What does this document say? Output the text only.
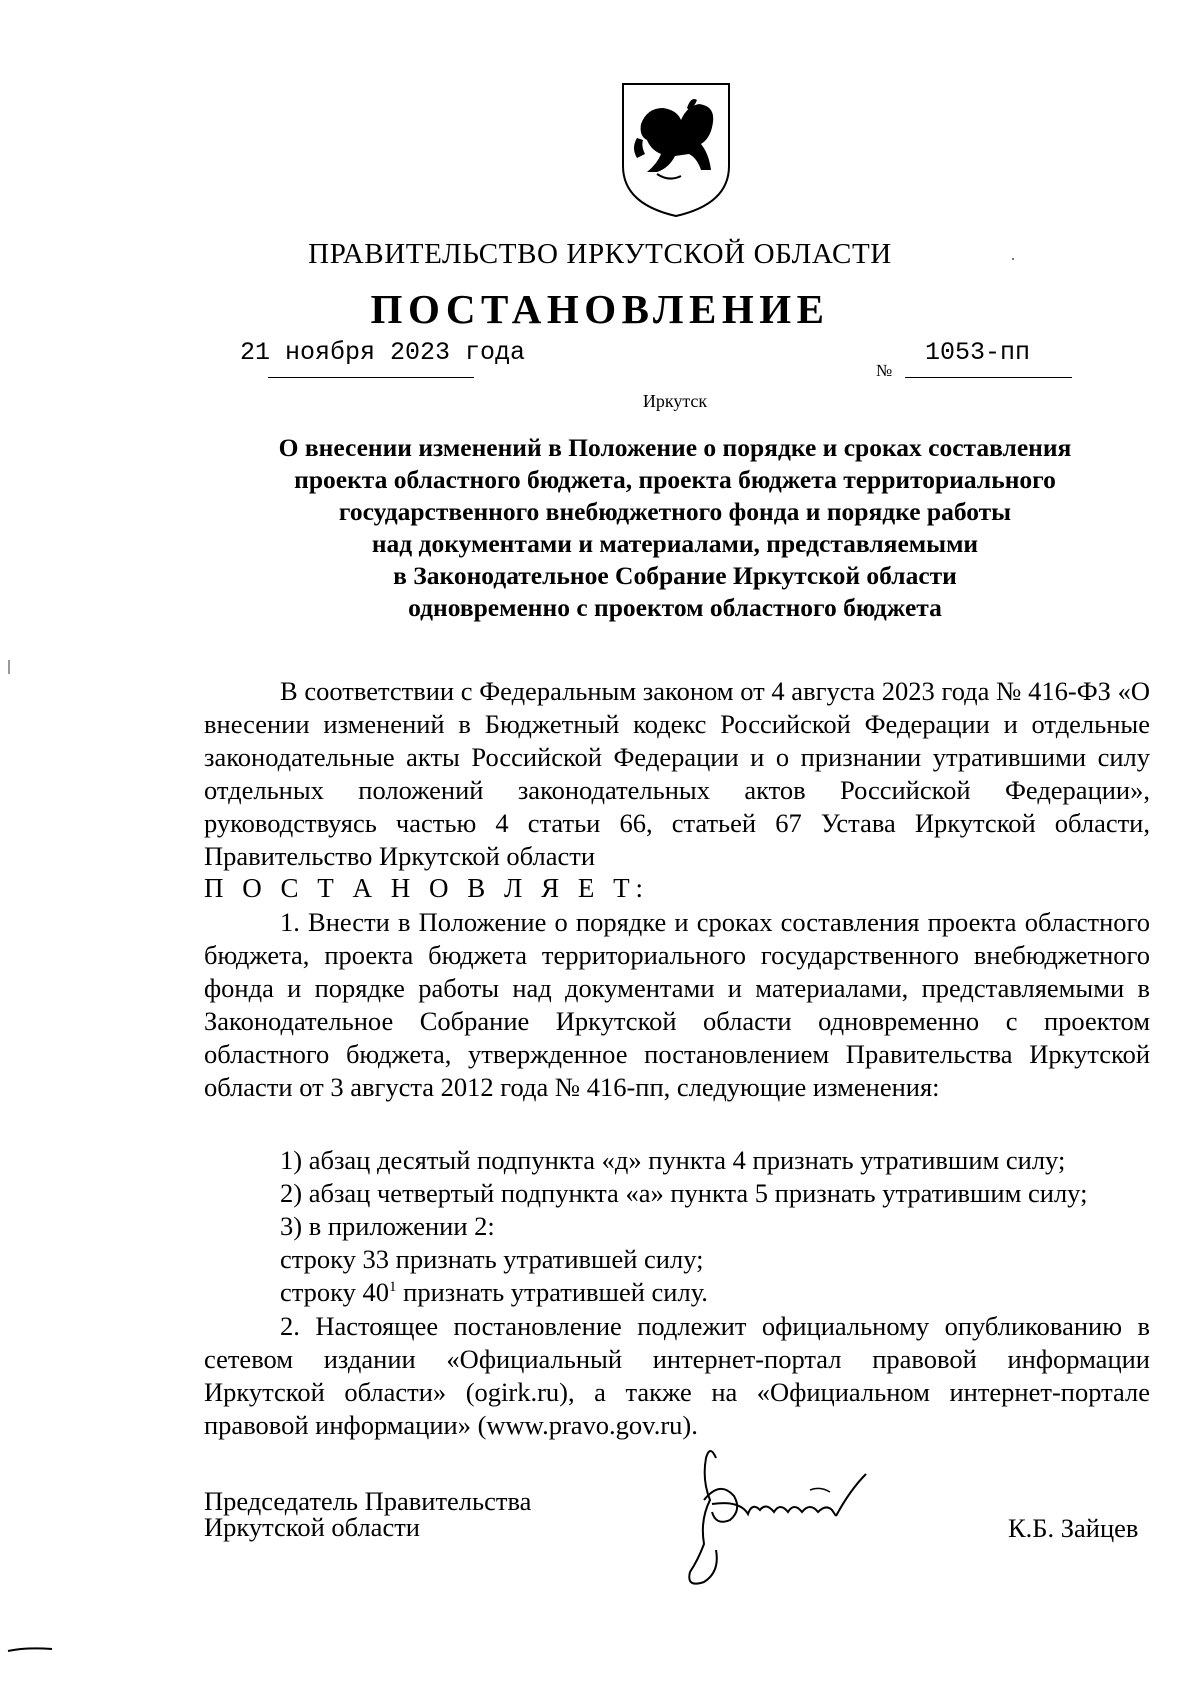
ПРАВИТЕЛЬСТВО ИРКУТСКОЙ ОБЛАСТИ
ПОСТАНОВЛЕНИЕ
21 ноября 2023 года
№
1053-пп
Иркутск
О внесении изменений в Положение о порядке и сроках составления
проекта областного бюджета, проекта бюджета территориального
государственного внебюджетного фонда и порядке работы
над документами и материалами, представляемыми
в Законодательное Собрание Иркутской области
одновременно с проектом областного бюджета

В соответствии с Федеральным законом от 4 августа 2023 года № 416-ФЗ «О внесении изменений в Бюджетный кодекс Российской Федерации и отдельные законодательные акты Российской Федерации и о признании утратившими силу отдельных положений законодательных актов Российской Федерации», руководствуясь частью 4 статьи 66, статьей 67 Устава Иркутской области, Правительство Иркутской области

П О С Т А Н О В Л Я Е Т:

1. Внести в Положение о порядке и сроках составления проекта областного бюджета, проекта бюджета территориального государственного внебюджетного фонда и порядке работы над документами и материалами, представляемыми в Законодательное Собрание Иркутской области одновременно с проектом областного бюджета, утвержденное постановлением Правительства Иркутской области от 3 августа 2012 года № 416-пп, следующие изменения:

1) абзац десятый подпункта «д» пункта 4 признать утратившим силу;
2) абзац четвертый подпункта «а» пункта 5 признать утратившим силу;
3) в приложении 2:
строку 33 признать утратившей силу;
строку $40^1$ признать утратившей силу.

2. Настоящее постановление подлежит официальному опубликованию в сетевом издании «Официальный интернет-портал правовой информации Иркутской области» (ogirk.ru), а также на «Официальном интернет-портале правовой информации» (www.pravo.gov.ru).

Председатель Правительства
Иркутской области	К.Б. Зайцев
